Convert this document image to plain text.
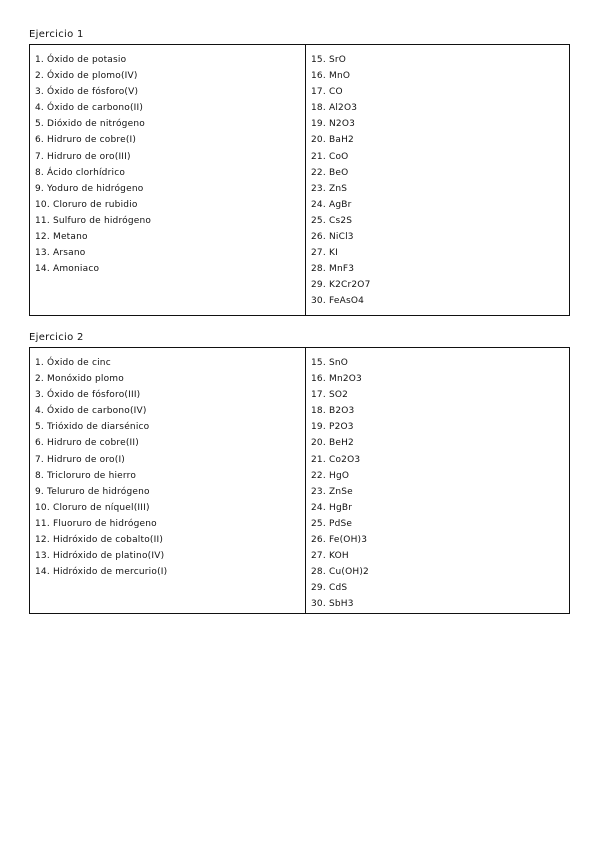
Ejercicio 1
1. Óxido de potasio
2. Óxido de plomo(IV)
3. Óxido de fósforo(V)
4. Óxido de carbono(II)
5. Dióxido de nitrógeno
6. Hidruro de cobre(I)
7. Hidruro de oro(III)
8. Ácido clorhídrico
9. Yoduro de hidrógeno
10. Cloruro de rubidio
11. Sulfuro de hidrógeno
12. Metano
13. Arsano
14. Amoniaco

15. SrO
16. MnO
17. CO
18. Al2O3
19. N2O3
20. BaH2
21. CoO
22. BeO
23. ZnS
24. AgBr
25. Cs2S
26. NiCl3
27. KI
28. MnF3
29. K2Cr2O7
30. FeAsO4
Ejercicio 2
1. Óxido de cinc
2. Monóxido plomo
3. Óxido de fósforo(III)
4. Óxido de carbono(IV)
5. Trióxido de diarsénico
6. Hidruro de cobre(II)
7. Hidruro de oro(I)
8. Tricloruro de hierro
9. Telururo de hidrógeno
10. Cloruro de níquel(III)
11. Fluoruro de hidrógeno
12. Hidróxido de cobalto(II)
13. Hidróxido de platino(IV)
14. Hidróxido de mercurio(I)

15. SnO
16. Mn2O3
17. SO2
18. B2O3
19. P2O3
20. BeH2
21. Co2O3
22. HgO
23. ZnSe
24. HgBr
25. PdSe
26. Fe(OH)3
27. KOH
28. Cu(OH)2
29. CdS
30. SbH3
